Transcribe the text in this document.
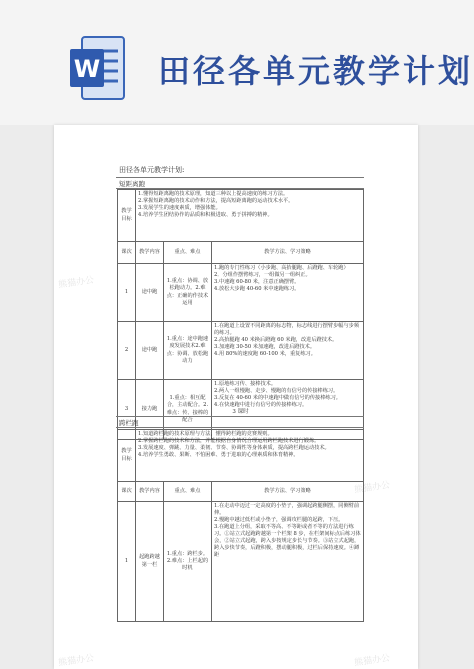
W 田径各单元教学计划
田径各单元教学计划:
短距离跑
教学目标	1.懂得短距离跑的技术原理，知道三种以上提高速度的练习方法。
2.掌握短距离跑的技术动作和方法，提高短距离跑的运动技术水平。
3.发展学生的速度素质，增强体能。
4.培养学生团结协作的品质和积极进取、勇于拼搏的精神。		

课次	教学内容	重点、难点	教学方法、学习策略
1	途中跑	1.重点：协调、放松跑动力。2.难点：正确的作技术运用	1.跑的专门性练习（小步跑、高抬腿跑、后蹬跑、车轮跑）
2．分组作摆臂练习，一组做另一组纠正。
3.中速跑 60-80 米，注意正确摆臂。
4.放松大步跑 40-60 米中速跑练习。

2	途中跑	1.重点：途中跑速度发展技术2.难点：协调、放松跑动力	1.在跑道上设置不同距离的标志物，标志线进行摆臂步幅与步频的练习。
2.高抬腿跑 40 米换后蹬跑 60 米跑，改进后蹬技术。
3.加速跑 30-50 米加速跑，改进后蹬技术。
4.用 80%的速度跑 60-100 米，重复练习。

3	接力跑	1.重点：相互配合，主动配合。2.难点：传、接棒的配合	1.原地练习传、接棒技术。
2.两人一组慢跑、走步、慢跑的有信号的传接棒练习。
3.反复在 40-60 米的中速跑中做有信号的传接棒练习。
4.在快速跑中进行有信号的传接棒练习。
3 课时
跨栏跑
教学目标	1.知道跨栏跑的技术原理与方法，懂得跨栏跑的竞赛规则。
2.掌握跨栏跑的技术和方法，并能根据自身情况合理运用跨栏跑技术进行锻炼。
3.发展速度、弹跳、力量、柔韧、节奏、协调性等身体素质，提高跨栏跑运动技术。
4.培养学生勇敢、果断、不怕困难、勇于进取的心理素质和体育精神。		

课次	教学内容	重点、难点	教学方法、学习策略
1	起跑跨越第一栏	1.重点：跨栏步。2.难点：上栏起的时机	1.在走动中迈过一定高度的小垫子，强调起跨腿侧摆，同侧臂前伸。
2.慢跑中越过低栏或小垫子，强调攻栏腿的起跨，下压。
3.在跑道上分组，采取不等高、不等距或者不等的方法进行练习。①站立式起跑跨越第一个栏架 8 步，在栏架间标点后练习体会，②站立式起跑，跨入步按规定步长与节奏。③站立式起跑，跨入步快节奏，后蹬积极，摆动腿积极，过栏后保持速度。④蹲距
熊猫办公
熊猫办公
熊猫办公	熊猫办公
